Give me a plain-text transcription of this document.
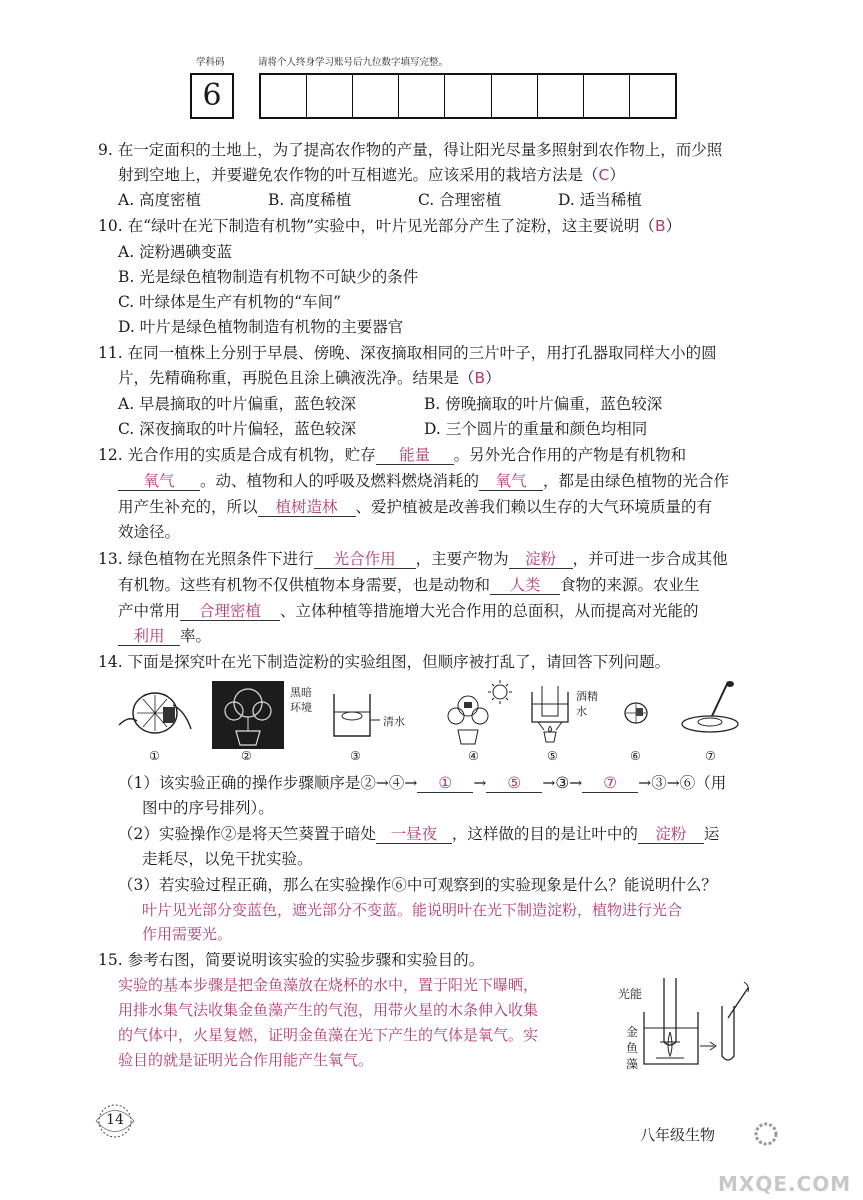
学科码	请将个人终身学习账号后九位数字填写完整。
6
9. 在一定面积的土地上，为了提高农作物的产量，得让阳光尽量多照射到农作物上，而少照
射到空地上，并要避免农作物的叶互相遮光。应该采用的栽培方法是（C）
A. 高度密植	B. 高度稀植	C. 合理密植	D. 适当稀植
10. 在“绿叶在光下制造有机物”实验中，叶片见光部分产生了淀粉，这主要说明（B）
A. 淀粉遇碘变蓝
B. 光是绿色植物制造有机物不可缺少的条件
C. 叶绿体是生产有机物的“车间”
D. 叶片是绿色植物制造有机物的主要器官
11. 在同一植株上分别于早晨、傍晚、深夜摘取相同的三片叶子，用打孔器取同样大小的圆
片，先精确称重，再脱色且涂上碘液洗净。结果是（B）
A. 早晨摘取的叶片偏重，蓝色较深	B. 傍晚摘取的叶片偏重，蓝色较深
C. 深夜摘取的叶片偏轻，蓝色较深	D. 三个圆片的重量和颜色均相同
12. 光合作用的实质是合成有机物，贮存 能量 。另外光合作用的产物是有机物和
氧气 。动、植物和人的呼吸及燃料燃烧消耗的 氧气 ，都是由绿色植物的光合作
用产生补充的，所以 植树造林 、爱护植被是改善我们赖以生存的大气环境质量的有
效途径。
13. 绿色植物在光照条件下进行 光合作用 ，主要产物为 淀粉 ，并可进一步合成其他
有机物。这些有机物不仅供植物本身需要，也是动物和 人类 食物的来源。农业生
产中常用 合理密植 、立体种植等措施增大光合作用的总面积，从而提高对光能的
利用 率。
14. 下面是探究叶在光下制造淀粉的实验组图，但顺序被打乱了，请回答下列问题。
黑暗
环境
清水
酒精
水
①	②	③	④	⑤	⑥	⑦
（1）该实验正确的操作步骤顺序是②→④→ ① → ⑤ →③→ ⑦ →③→⑥（用
图中的序号排列）。
（2）实验操作②是将天竺葵置于暗处 一昼夜 ，这样做的目的是让叶中的 淀粉 运
走耗尽，以免干扰实验。
（3）若实验过程正确，那么在实验操作⑥中可观察到的实验现象是什么？能说明什么？
叶片见光部分变蓝色，遮光部分不变蓝。能说明叶在光下制造淀粉，植物进行光合
作用需要光。
15. 参考右图，简要说明该实验的实验步骤和实验目的。
实验的基本步骤是把金鱼藻放在烧杯的水中，置于阳光下曝晒，
用排水集气法收集金鱼藻产生的气泡，用带火星的木条伸入收集
的气体中，火星复燃，证明金鱼藻在光下产生的气体是氧气。实
验目的就是证明光合作用能产生氧气。
光能
金
鱼
藻
14
八年级生物
MXQE.COM
